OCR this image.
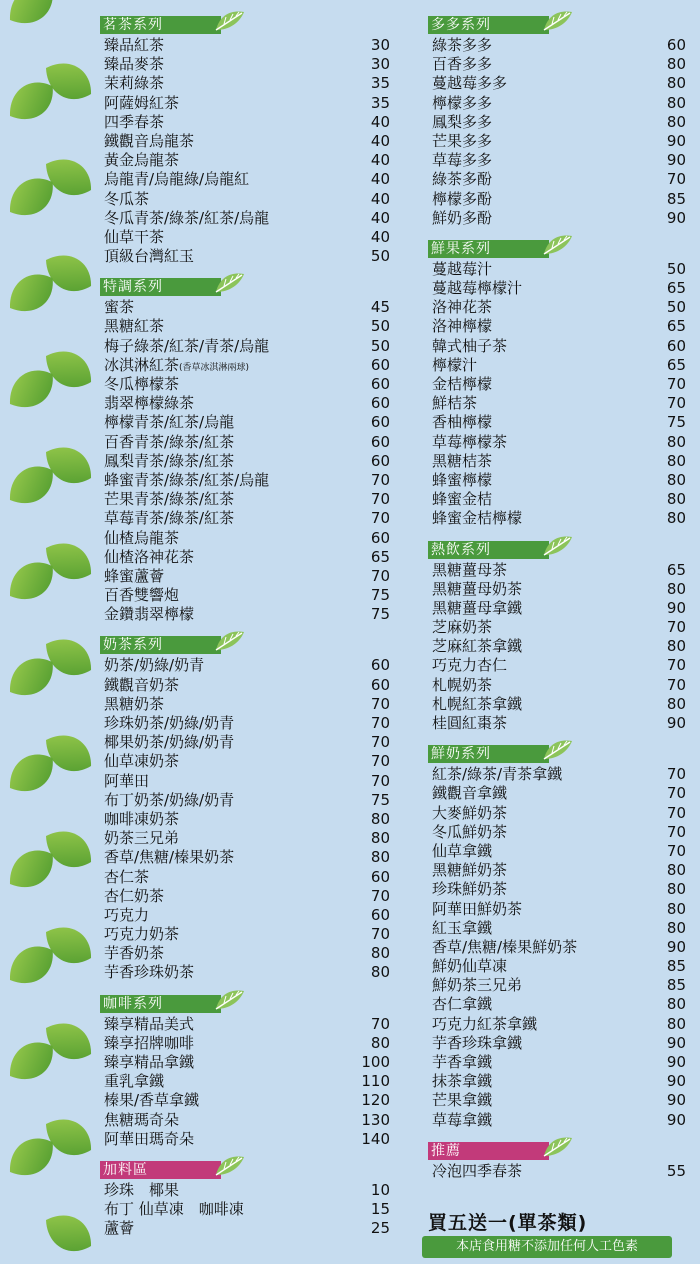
茗茶系列
臻品紅茶	30
臻品麥茶	30
茉莉綠茶	35
阿薩姆紅茶	35
四季春茶	40
鐵觀音烏龍茶	40
黃金烏龍茶	40
烏龍青/烏龍綠/烏龍紅	40
冬瓜茶	40
冬瓜青茶/綠茶/紅茶/烏龍	40
仙草干茶	40
頂級台灣紅玉	50
特調系列
蜜茶	45
黑糖紅茶	50
梅子綠茶/紅茶/青茶/烏龍	50
冰淇淋紅茶(香草冰淇淋兩球)	60
冬瓜檸檬茶	60
翡翠檸檬綠茶	60
檸檬青茶/紅茶/烏龍	60
百香青茶/綠茶/紅茶	60
鳳梨青茶/綠茶/紅茶	60
蜂蜜青茶/綠茶/紅茶/烏龍	70
芒果青茶/綠茶/紅茶	70
草莓青茶/綠茶/紅茶	70
仙楂烏龍茶	60
仙楂洛神花茶	65
蜂蜜蘆薈	70
百香雙響炮	75
金鑽翡翠檸檬	75
奶茶系列
奶茶/奶綠/奶青	60
鐵觀音奶茶	60
黑糖奶茶	70
珍珠奶茶/奶綠/奶青	70
椰果奶茶/奶綠/奶青	70
仙草凍奶茶	70
阿華田	70
布丁奶茶/奶綠/奶青	75
咖啡凍奶茶	80
奶茶三兄弟	80
香草/焦糖/榛果奶茶	80
杏仁茶	60
杏仁奶茶	70
巧克力	60
巧克力奶茶	70
芋香奶茶	80
芋香珍珠奶茶	80
咖啡系列
臻享精品美式	70
臻享招牌咖啡	80
臻享精品拿鐵	100
重乳拿鐵	110
榛果/香草拿鐵	120
焦糖瑪奇朵	130
阿華田瑪奇朵	140
加料區
珍珠　椰果	10
布丁 仙草凍　咖啡凍	15
蘆薈	25
多多系列
綠茶多多	60
百香多多	80
蔓越莓多多	80
檸檬多多	80
鳳梨多多	80
芒果多多	90
草莓多多	90
綠茶多酚	70
檸檬多酚	85
鮮奶多酚	90
鮮果系列
蔓越莓汁	50
蔓越莓檸檬汁	65
洛神花茶	50
洛神檸檬	65
韓式柚子茶	60
檸檬汁	65
金桔檸檬	70
鮮桔茶	70
香柚檸檬	75
草莓檸檬茶	80
黑糖桔茶	80
蜂蜜檸檬	80
蜂蜜金桔	80
蜂蜜金桔檸檬	80
熱飲系列
黑糖薑母茶	65
黑糖薑母奶茶	80
黑糖薑母拿鐵	90
芝麻奶茶	70
芝麻紅茶拿鐵	80
巧克力杏仁	70
札幌奶茶	70
札幌紅茶拿鐵	80
桂圓紅棗茶	90
鮮奶系列
紅茶/綠茶/青茶拿鐵	70
鐵觀音拿鐵	70
大麥鮮奶茶	70
冬瓜鮮奶茶	70
仙草拿鐵	70
黑糖鮮奶茶	80
珍珠鮮奶茶	80
阿華田鮮奶茶	80
紅玉拿鐵	80
香草/焦糖/榛果鮮奶茶	90
鮮奶仙草凍	85
鮮奶茶三兄弟	85
杏仁拿鐵	80
巧克力紅茶拿鐵	80
芋香珍珠拿鐵	90
芋香拿鐵	90
抹茶拿鐵	90
芒果拿鐵	90
草莓拿鐵	90
推薦
冷泡四季春茶	55
買五送一(單茶類)
本店食用糖不添加任何人工色素
